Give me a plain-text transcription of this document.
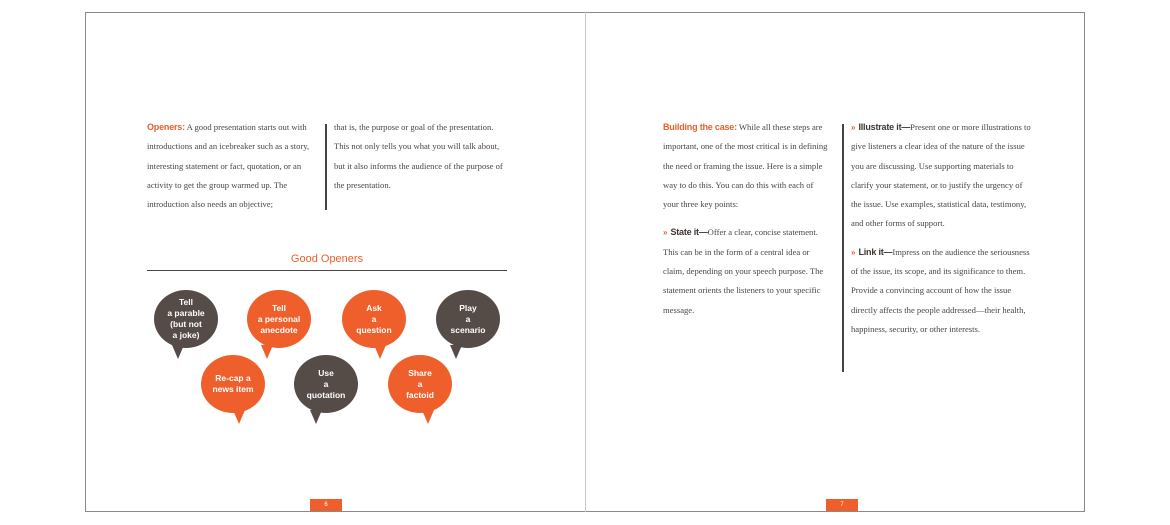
Openers: A good presentation starts out with introductions and an icebreaker such as a story, interesting statement or fact, quotation, or an activity to get the group warmed up. The introduction also needs an objective;
that is, the purpose or goal of the presentation. This not only tells you what you will talk about, but it also informs the audience of the purpose of the presentation.
Good Openers
Tell
a parable
(but not
a joke)
Tell
a personal
anecdote
Ask
a
question
Play
a
scenario
Re-cap a
news item
Use
a
quotation
Share
a
factoid
6
Building the case: While all these steps are important, one of the most critical is in defining the need or framing the issue. Here is a simple way to do this. You can do this with each of your three key points:
» State it—Offer a clear, concise statement. This can be in the form of a central idea or claim, depending on your speech purpose. The statement orients the listeners to your specific message.
» Illustrate it—Present one or more illustrations to give listeners a clear idea of the nature of the issue you are discussing. Use supporting materials to clarify your statement, or to justify the urgency of the issue. Use examples, statistical data, testimony, and other forms of support.
» Link it—Impress on the audience the seriousness of the issue, its scope, and its significance to them. Provide a convincing account of how the issue directly affects the people addressed—their health, happiness, security, or other interests.
7
